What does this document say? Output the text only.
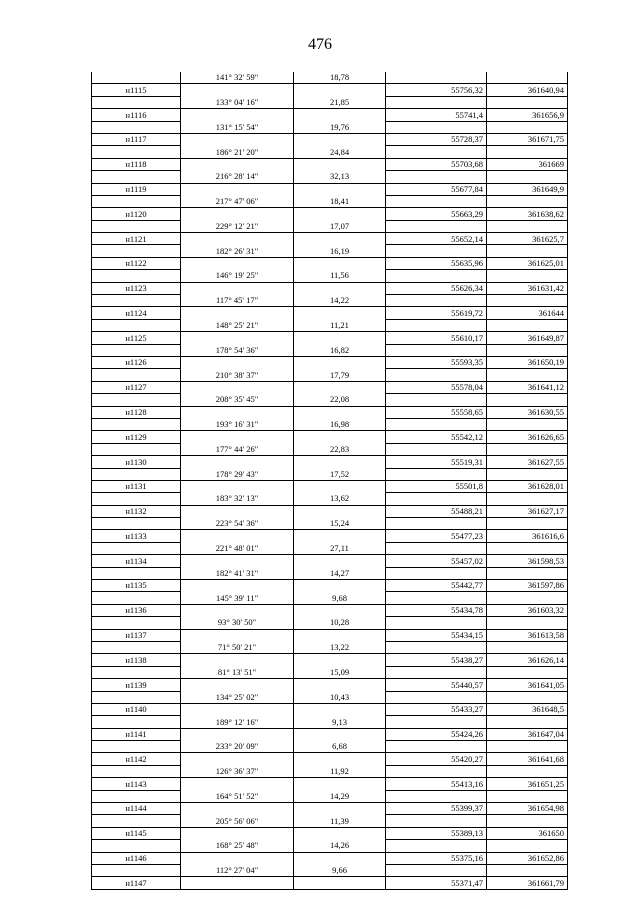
476
	141° 32' 59"	18,78		
н1115			55756,32	361640,94
	133° 04' 16"	21,85		
н1116			55741,4	361656,9
	131° 15' 54"	19,76		
н1117			55728,37	361671,75
	186° 21' 20"	24,84		
н1118			55703,68	361669
	216° 28' 14"	32,13		
н1119			55677,84	361649,9
	217° 47' 06"	18,41		
н1120			55663,29	361638,62
	229° 12' 21"	17,07		
н1121			55652,14	361625,7
	182° 26' 31"	16,19		
н1122			55635,96	361625,01
	146° 19' 25"	11,56		
н1123			55626,34	361631,42
	117° 45' 17"	14,22		
н1124			55619,72	361644
	148° 25' 21"	11,21		
н1125			55610,17	361649,87
	178° 54' 36"	16,82		
н1126			55593,35	361650,19
	210° 38' 37"	17,79		
н1127			55578,04	361641,12
	208° 35' 45"	22,08		
н1128			55558,65	361630,55
	193° 16' 31"	16,98		
н1129			55542,12	361626,65
	177° 44' 26"	22,83		
н1130			55519,31	361627,55
	178° 29' 43"	17,52		
н1131			55501,8	361628,01
	183° 32' 13"	13,62		
н1132			55488,21	361627,17
	223° 54' 36"	15,24		
н1133			55477,23	361616,6
	221° 48' 01"	27,11		
н1134			55457,02	361598,53
	182° 41' 31"	14,27		
н1135			55442,77	361597,86
	145° 39' 11"	9,68		
н1136			55434,78	361603,32
	93° 30' 50"	10,28		
н1137			55434,15	361613,58
	71° 50' 21"	13,22		
н1138			55438,27	361626,14
	81° 13' 51"	15,09		
н1139			55440,57	361641,05
	134° 25' 02"	10,43		
н1140			55433,27	361648,5
	189° 12' 16"	9,13		
н1141			55424,26	361647,04
	233° 20' 09"	6,68		
н1142			55420,27	361641,68
	126° 36' 37"	11,92		
н1143			55413,16	361651,25
	164° 51' 52"	14,29		
н1144			55399,37	361654,98
	205° 56' 06"	11,39		
н1145			55389,13	361650
	168° 25' 48"	14,26		
н1146			55375,16	361652,86
	112° 27' 04"	9,66		
н1147			55371,47	361661,79
